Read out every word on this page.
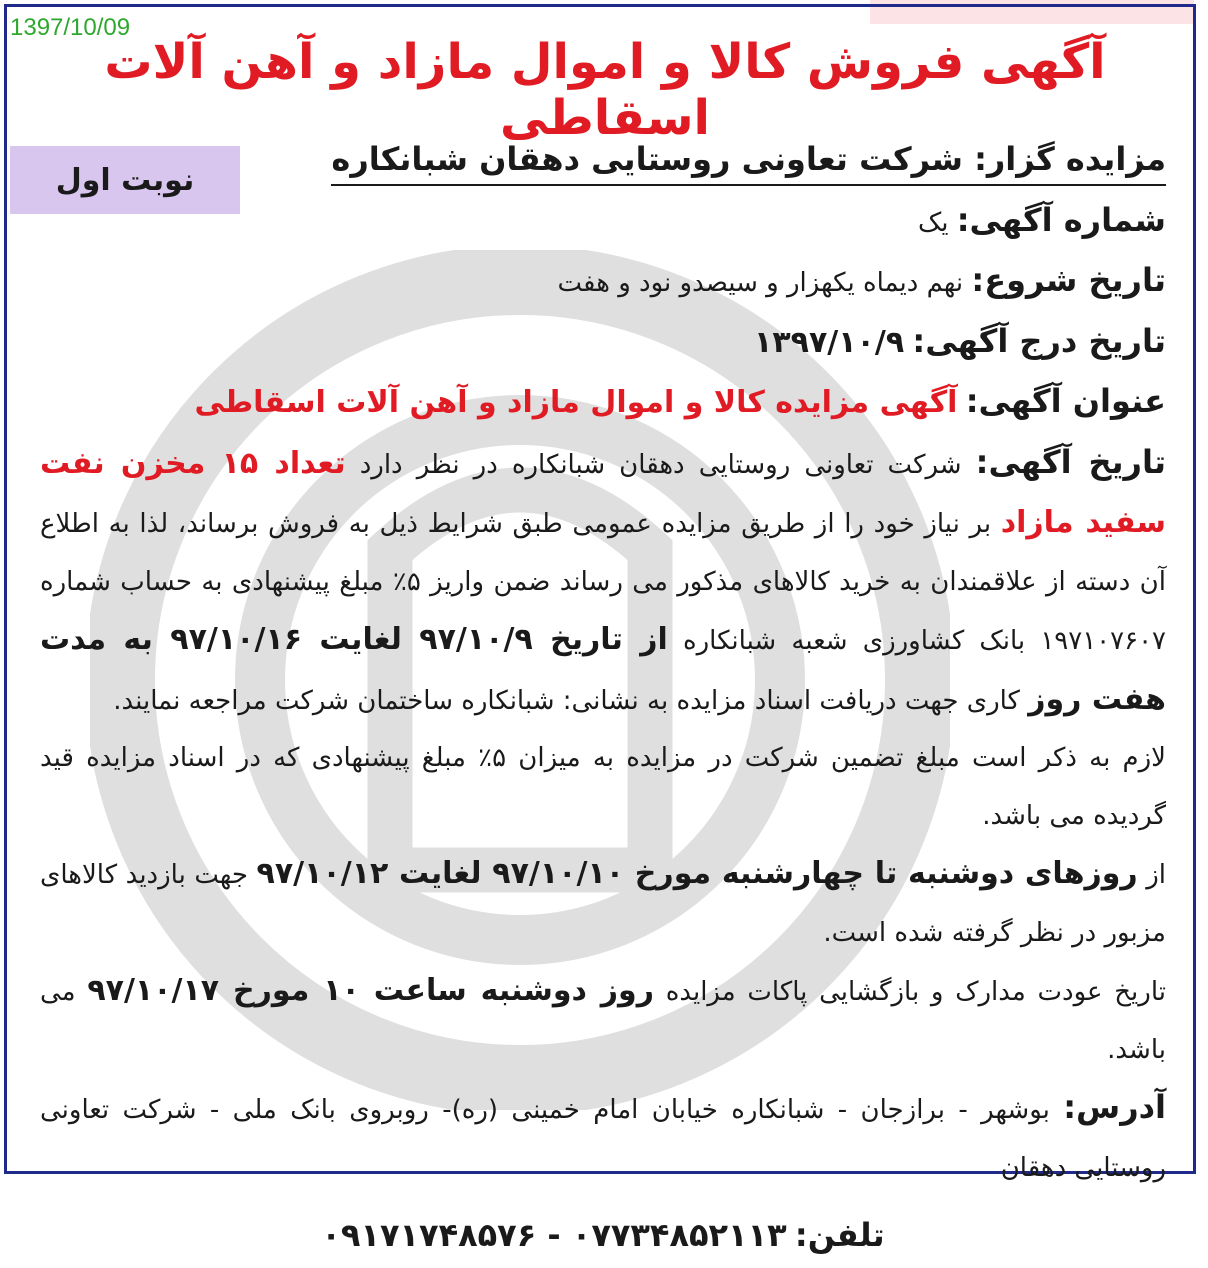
1397/10/09
آگهی فروش کالا و اموال مازاد و آهن آلات اسقاطی
نوبت اول

مزایده گزار: شرکت تعاونی روستایی دهقان شبانکاره

شماره آگهی: یک

تاریخ شروع: نهم دیماه یکهزار و سیصدو نود و هفت

تاریخ درج آگهی: ۱۳۹۷/۱۰/۹

عنوان آگهی: آگهی مزایده کالا و اموال مازاد و آهن آلات اسقاطی

تاریخ آگهی: شرکت تعاونی روستایی دهقان شبانکاره در نظر دارد تعداد ۱۵ مخزن نفت سفید مازاد بر نیاز خود را از طریق مزایده عمومی طبق شرایط ذیل به فروش برساند، لذا به اطلاع آن دسته از علاقمندان به خرید کالاهای مذکور می رساند ضمن واریز ۵٪ مبلغ پیشنهادی به حساب شماره ۱۹۷۱۰۷۶۰۷ بانک کشاورزی شعبه شبانکاره از تاریخ ۹۷/۱۰/۹ لغایت ۹۷/۱۰/۱۶ به مدت هفت روز کاری جهت دریافت اسناد مزایده به نشانی: شبانکاره ساختمان شرکت مراجعه نمایند.

لازم به ذکر است مبلغ تضمین شرکت در مزایده به میزان ۵٪ مبلغ پیشنهادی که در اسناد مزایده قید گردیده می باشد.

از روزهای دوشنبه تا چهارشنبه مورخ ۹۷/۱۰/۱۰ لغایت ۹۷/۱۰/۱۲ جهت بازدید کالاهای مزبور در نظر گرفته شده است.

تاریخ عودت مدارک و بازگشایی پاکات مزایده روز دوشنبه ساعت ۱۰ مورخ ۹۷/۱۰/۱۷ می باشد.

آدرس: بوشهر - برازجان - شبانکاره خیابان امام خمینی (ره)- روبروی بانک ملی - شرکت تعاونی روستایی دهقان

تلفن: ۰۷۷۳۴۸۵۲۱۱۳ - ۰۹۱۷۱۷۴۸۵۷۶
